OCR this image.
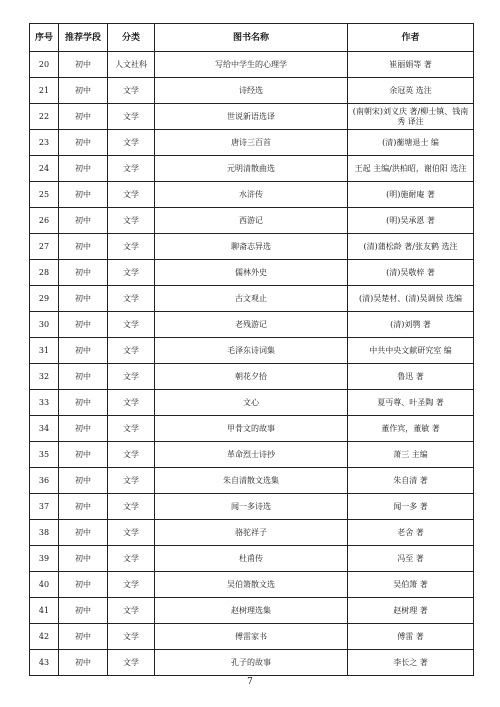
序号	推荐学段	分类	图书名称	作者
20	初中	人文社科	写给中学生的心理学	崔丽娟等 著
21	初中	文学	诗经选	余冠英 选注
22	初中	文学	世说新语选译	(南朝宋)刘义庆 著/柳士镇、钱南秀 译注
23	初中	文学	唐诗三百首	(清)蘅塘退士 编
24	初中	文学	元明清散曲选	王起 主编/洪柏昭，谢伯阳 选注
25	初中	文学	水浒传	(明)施耐庵 著
26	初中	文学	西游记	(明)吴承恩 著
27	初中	文学	聊斋志异选	(清)蒲松龄 著/张友鹤 选注
28	初中	文学	儒林外史	(清)吴敬梓 著
29	初中	文学	古文观止	(清)吴楚材、(清)吴调侯 选编
30	初中	文学	老残游记	(清)刘鹗 著
31	初中	文学	毛泽东诗词集	中共中央文献研究室 编
32	初中	文学	朝花夕拾	鲁迅 著
33	初中	文学	文心	夏丏尊、叶圣陶 著
34	初中	文学	甲骨文的故事	董作宾，董敏 著
35	初中	文学	革命烈士诗抄	萧三 主编
36	初中	文学	朱自清散文选集	朱自清 著
37	初中	文学	闻一多诗选	闻一多 著
38	初中	文学	骆驼祥子	老舍 著
39	初中	文学	杜甫传	冯至 著
40	初中	文学	吴伯箫散文选	吴伯箫 著
41	初中	文学	赵树理选集	赵树理 著
42	初中	文学	傅雷家书	傅雷 著
43	初中	文学	孔子的故事	李长之 著
7
